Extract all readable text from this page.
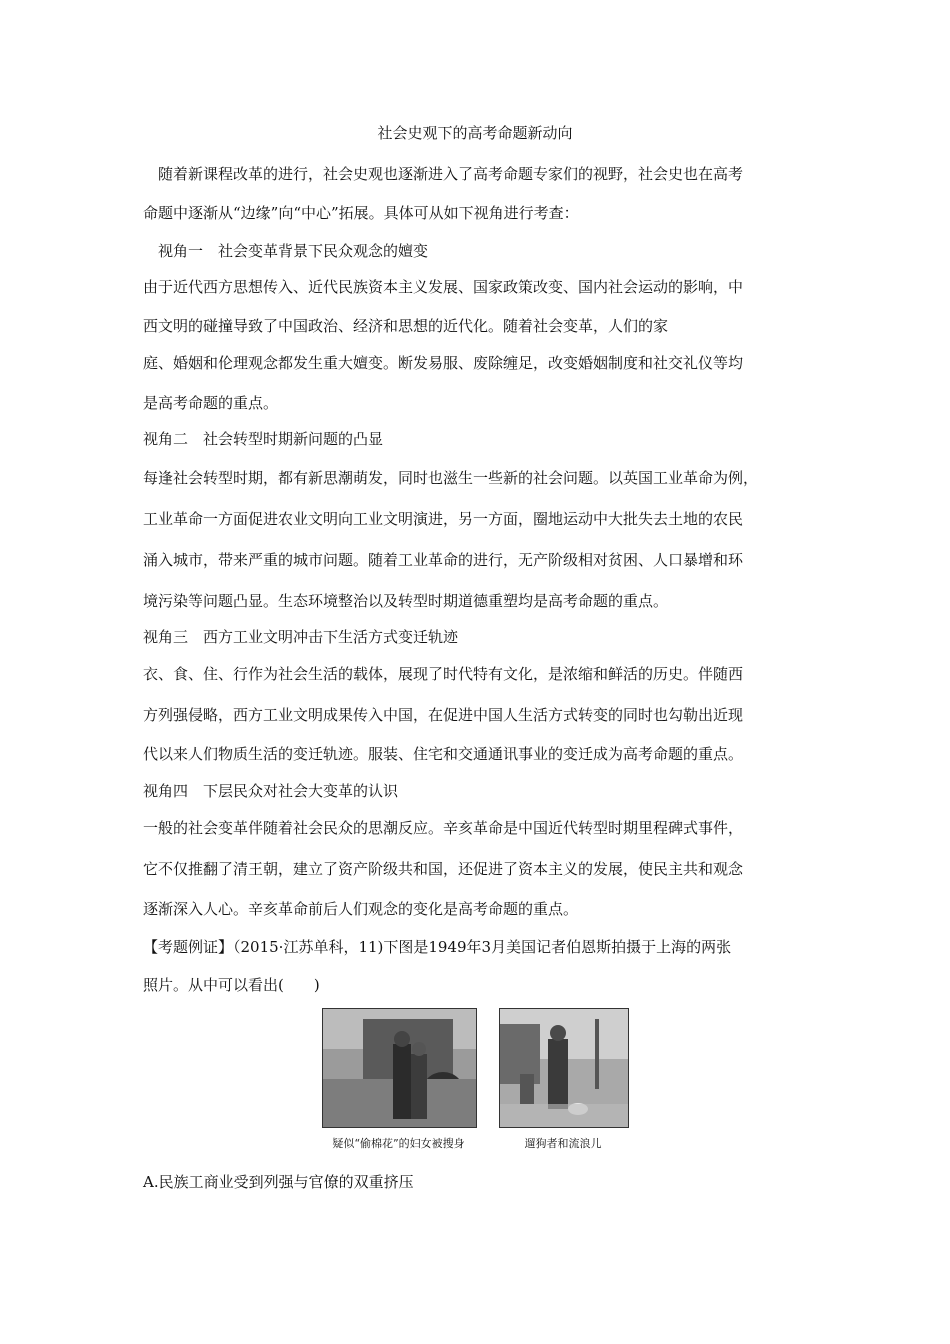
社会史观下的高考命题新动向
随着新课程改革的进行，社会史观也逐渐进入了高考命题专家们的视野，社会史也在高考
命题中逐渐从“边缘”向“中心”拓展。具体可从如下视角进行考查：
视角一　社会变革背景下民众观念的嬗变
由于近代西方思想传入、近代民族资本主义发展、国家政策改变、国内社会运动的影响，中
西文明的碰撞导致了中国政治、经济和思想的近代化。随着社会变革，人们的家
庭、婚姻和伦理观念都发生重大嬗变。断发易服、废除缠足，改变婚姻制度和社交礼仪等均
是高考命题的重点。
视角二　社会转型时期新问题的凸显
每逢社会转型时期，都有新思潮萌发，同时也滋生一些新的社会问题。以英国工业革命为例，
工业革命一方面促进农业文明向工业文明演进，另一方面，圈地运动中大批失去土地的农民
涌入城市，带来严重的城市问题。随着工业革命的进行，无产阶级相对贫困、人口暴增和环
境污染等问题凸显。生态环境整治以及转型时期道德重塑均是高考命题的重点。
视角三　西方工业文明冲击下生活方式变迁轨迹
衣、食、住、行作为社会生活的载体，展现了时代特有文化，是浓缩和鲜活的历史。伴随西
方列强侵略，西方工业文明成果传入中国，在促进中国人生活方式转变的同时也勾勒出近现
代以来人们物质生活的变迁轨迹。服装、住宅和交通通讯事业的变迁成为高考命题的重点。
视角四　下层民众对社会大变革的认识
一般的社会变革伴随着社会民众的思潮反应。辛亥革命是中国近代转型时期里程碑式事件，
它不仅推翻了清王朝，建立了资产阶级共和国，还促进了资本主义的发展，使民主共和观念
逐渐深入人心。辛亥革命前后人们观念的变化是高考命题的重点。
【考题例证】（2015·江苏单科，11)下图是1949年3月美国记者伯恩斯拍摄于上海的两张
照片。从中可以看出(　　)
疑似“偷棉花”的妇女被搜身	遛狗者和流浪儿
A.民族工商业受到列强与官僚的双重挤压
